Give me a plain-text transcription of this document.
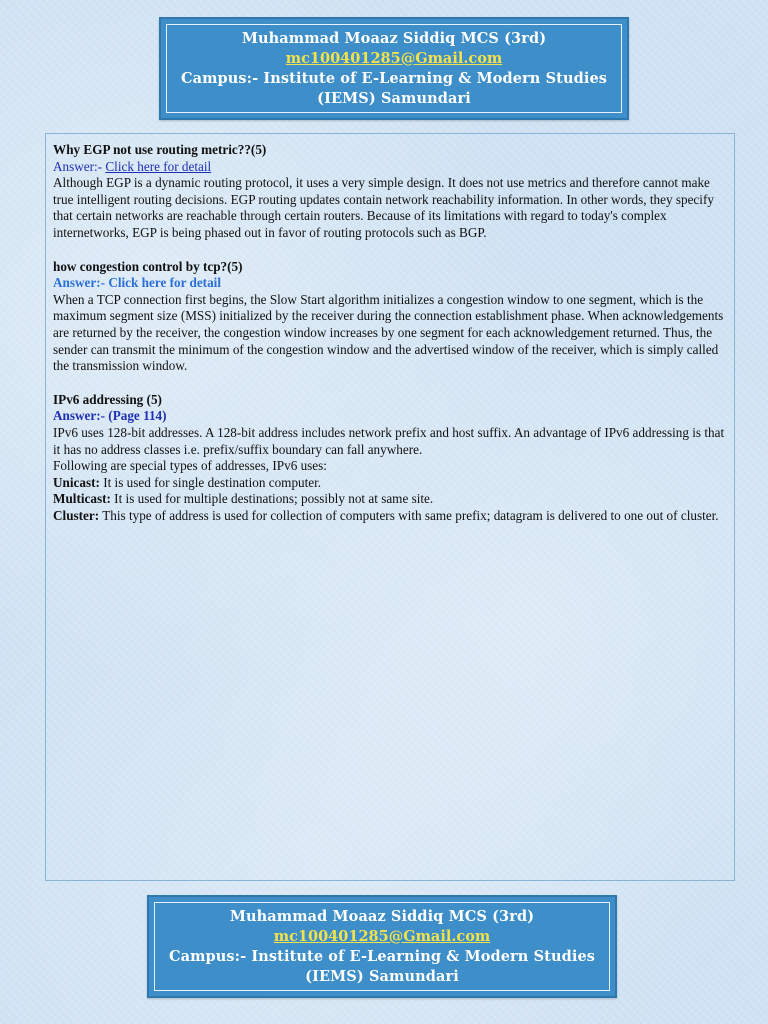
Muhammad Moaaz Siddiq MCS (3rd)
mc100401285@Gmail.com
Campus:- Institute of E-Learning & Modern Studies
(IEMS) Samundari
Why EGP not use routing metric??(5)
Answer:- Click here for detail
Although EGP is a dynamic routing protocol, it uses a very simple design. It does not use metrics and therefore cannot make true intelligent routing decisions. EGP routing updates contain network reachability information. In other words, they specify that certain networks are reachable through certain routers. Because of its limitations with regard to today's complex internetworks, EGP is being phased out in favor of routing protocols such as BGP.
how congestion control by tcp?(5)
Answer:- Click here for detail
When a TCP connection first begins, the Slow Start algorithm initializes a congestion window to one segment, which is the maximum segment size (MSS) initialized by the receiver during the connection establishment phase. When acknowledgements are returned by the receiver, the congestion window increases by one segment for each acknowledgement returned. Thus, the sender can transmit the minimum of the congestion window and the advertised window of the receiver, which is simply called the transmission window.
IPv6 addressing (5)
Answer:- (Page 114)
IPv6 uses 128-bit addresses. A 128-bit address includes network prefix and host suffix. An advantage of IPv6 addressing is that it has no address classes i.e. prefix/suffix boundary can fall anywhere.
Following are special types of addresses, IPv6 uses:
Unicast: It is used for single destination computer.
Multicast: It is used for multiple destinations; possibly not at same site.
Cluster: This type of address is used for collection of computers with same prefix; datagram is delivered to one out of cluster.
Muhammad Moaaz Siddiq MCS (3rd)
mc100401285@Gmail.com
Campus:- Institute of E-Learning & Modern Studies
(IEMS) Samundari
